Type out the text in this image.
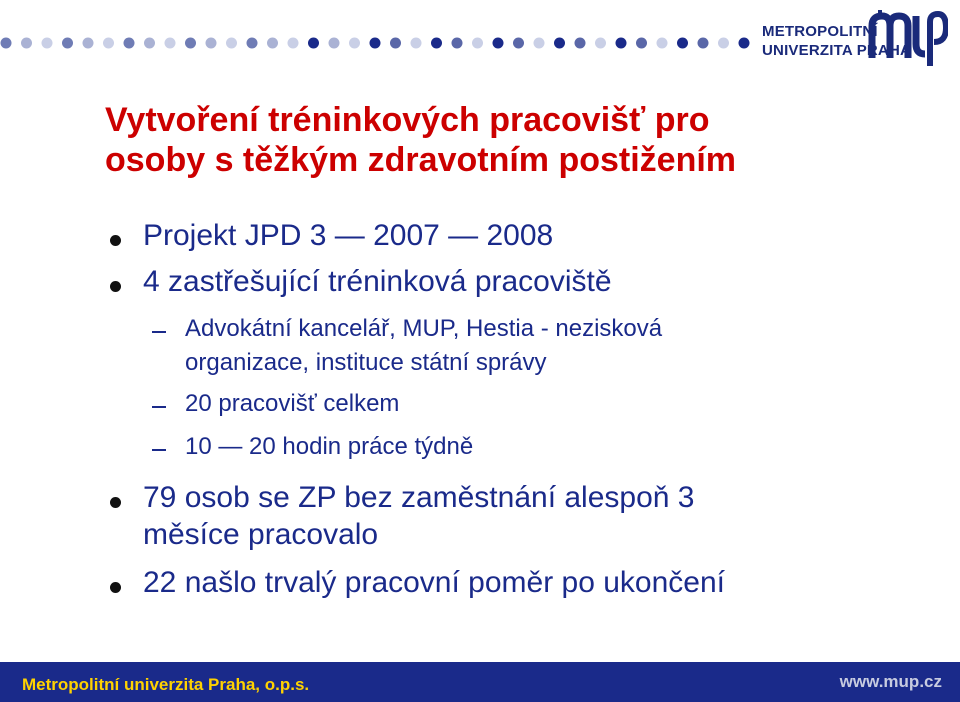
METROPOLITNÍ
UNIVERZITA PRAHA
Vytvoření tréninkových pracovišť pro
osoby s těžkým zdravotním postižením
Projekt JPD 3 — 2007 — 2008
4 zastřešující tréninková pracoviště
Advokátní kancelář, MUP, Hestia - nezisková
organizace, instituce státní správy
20 pracovišť celkem
10 — 20 hodin práce týdně
79 osob se ZP bez zaměstnání alespoň 3
měsíce pracovalo
22 našlo trvalý pracovní poměr po ukončení
Metropolitní univerzita Praha, o.p.s.	www.mup.cz
